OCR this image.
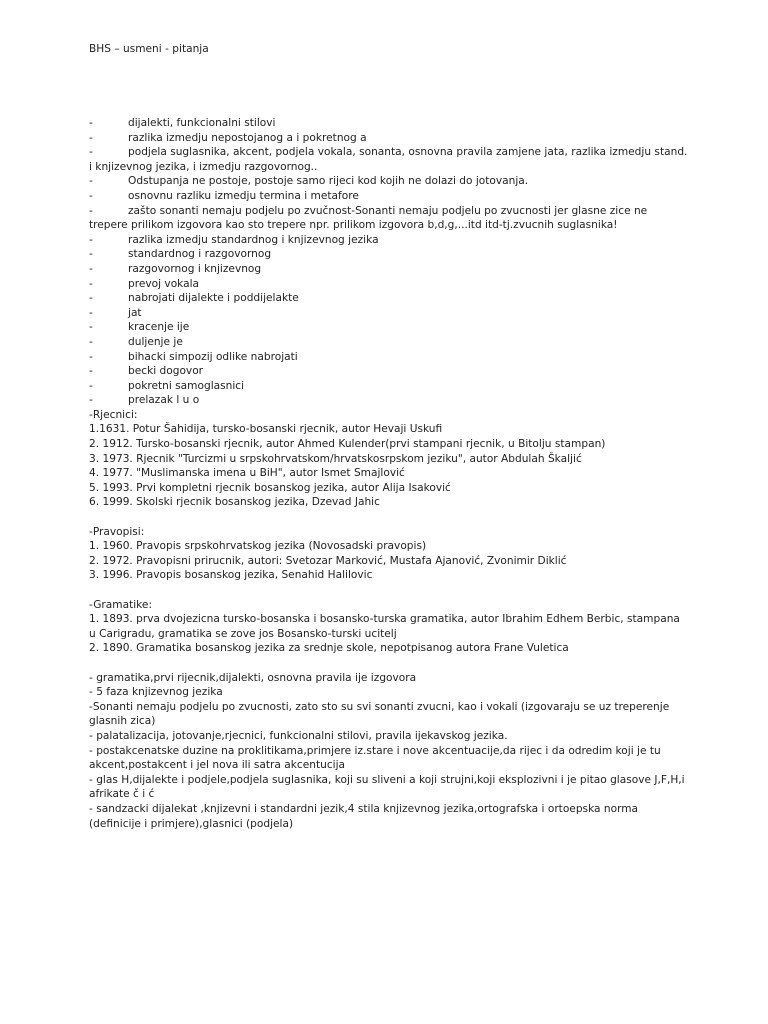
BHS – usmeni - pitanja
-	dijalekti, funkcionalni stilovi
-	razlika izmedju nepostojanog a i pokretnog a
-	podjela suglasnika, akcent, podjela vokala, sonanta, osnovna pravila zamjene jata, razlika izmedju stand. i knjizevnog jezika, i izmedju razgovornog..
-	Odstupanja ne postoje, postoje samo rijeci kod kojih ne dolazi do jotovanja.
-	osnovnu razliku izmedju termina i metafore
-	zašto sonanti nemaju podjelu po zvučnost-Sonanti nemaju podjelu po zvucnosti jer glasne zice ne trepere prilikom izgovora kao sto trepere npr. prilikom izgovora b,d,g,...itd itd-tj.zvucnih suglasnika!
-	razlika izmedju standardnog i knjizevnog jezika
-	standardnog i razgovornog
-	razgovornog i knjizevnog
-	prevoj vokala
-	nabrojati dijalekte i poddijelakte
-	jat
-	kracenje ije
-	duljenje je
-	bihacki simpozij odlike nabrojati
-	becki dogovor
-	pokretni samoglasnici
-	prelazak l u o
-Rjecnici:
1.1631. Potur Šahidija, tursko-bosanski rjecnik, autor Hevaji Uskufi
2. 1912. Tursko-bosanski rjecnik, autor Ahmed Kulender(prvi stampani rjecnik, u Bitolju stampan)
3. 1973. Rjecnik "Turcizmi u srpskohrvatskom/hrvatskosrpskom jeziku", autor Abdulah Škaljić
4. 1977. "Muslimanska imena u BiH", autor Ismet Smajlović
5. 1993. Prvi kompletni rjecnik bosanskog jezika, autor Alija Isaković
6. 1999. Skolski rjecnik bosanskog jezika, Dzevad Jahic
-Pravopisi:
1. 1960. Pravopis srpskohrvatskog jezika (Novosadski pravopis)
2. 1972. Pravopisni prirucnik, autori: Svetozar Marković, Mustafa Ajanović, Zvonimir Diklić
3. 1996. Pravopis bosanskog jezika, Senahid Halilovic
-Gramatike:
1. 1893. prva dvojezicna tursko-bosanska i bosansko-turska gramatika, autor Ibrahim Edhem Berbic, stampana u Carigradu, gramatika se zove jos Bosansko-turski ucitelj
2. 1890. Gramatika bosanskog jezika za srednje skole, nepotpisanog autora Frane Vuletica
- gramatika,prvi rijecnik,dijalekti, osnovna pravila ije izgovora
- 5 faza knjizevnog jezika
-Sonanti nemaju podjelu po zvucnosti, zato sto su svi sonanti zvucni, kao i vokali (izgovaraju se uz treperenje glasnih zica)
- palatalizacija, jotovanje,rjecnici, funkcionalni stilovi, pravila ijekavskog jezika.
- postakcenatske duzine na proklitikama,primjere iz.stare i nove akcentuacije,da rijec i da odredim koji je tu akcent,postakcent i jel nova ili satra akcentucija
- glas H,dijalekte i podjele,podjela suglasnika, koji su sliveni a koji strujni,koji eksplozivni i je pitao glasove J,F,H,i afrikate č i ć
- sandzacki dijalekat ,knjizevni i standardni jezik,4 stila knjizevnog jezika,ortografska i ortoepska norma (definicije i primjere),glasnici (podjela)
